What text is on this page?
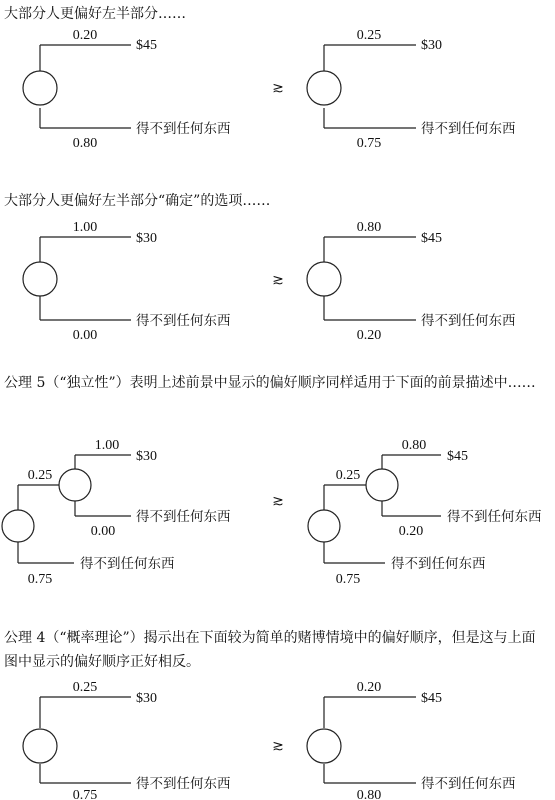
大部分人更偏好左半部分……

大部分人更偏好左半部分“确定”的选项……

公理 5（“独立性”）表明上述前景中显示的偏好顺序同样适用于下面的前景描述中……

公理 4（“概率理论”）揭示出在下面较为简单的赌博情境中的偏好顺序，但是这与上面图中显示的偏好顺序正好相反。

0.20
$45
得不到任何东西
0.80
≳
0.25
$30
得不到任何东西
0.75
1.00
$30
得不到任何东西
0.00
≳
0.80
$45
得不到任何东西
0.20
0.25
0.75
1.00
$30
得不到任何东西
0.00
得不到任何东西
≳
0.25
0.75
0.80
$45
得不到任何东西
0.20
得不到任何东西
0.25
$30
得不到任何东西
0.75
≳
0.20
$45
得不到任何东西
0.80
